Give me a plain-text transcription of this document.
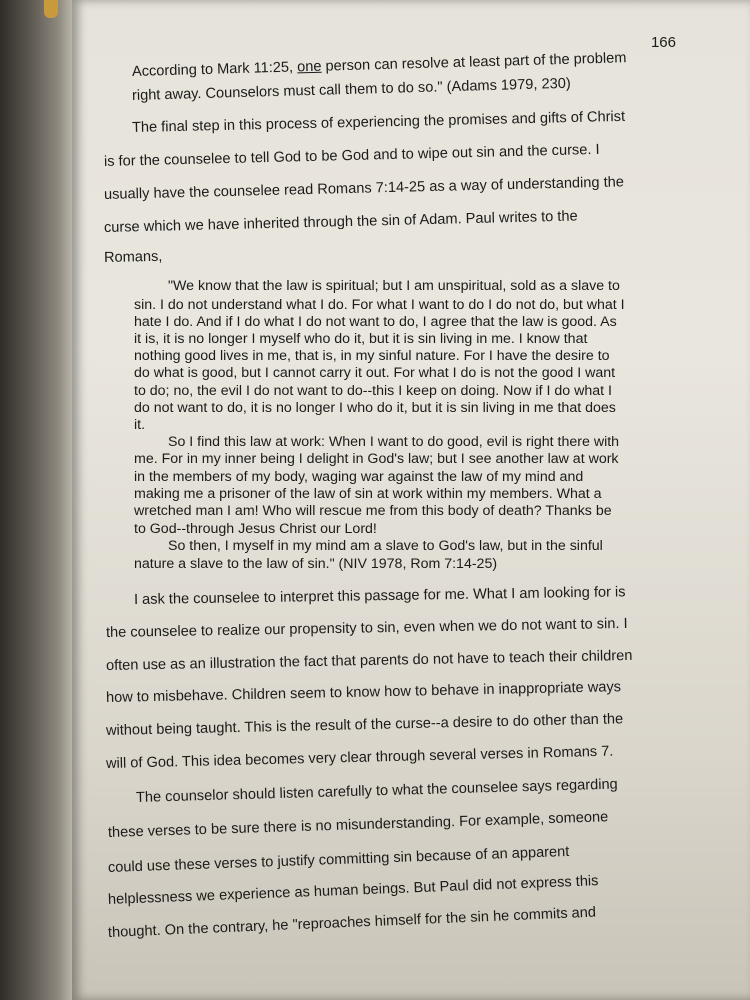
166
According to Mark 11:25, one person can resolve at least part of the problem
right away. Counselors must call them to do so." (Adams 1979, 230)
The final step in this process of experiencing the promises and gifts of Christ
is for the counselee to tell God to be God and to wipe out sin and the curse. I
usually have the counselee read Romans 7:14-25 as a way of understanding the
curse which we have inherited through the sin of Adam. Paul writes to the
Romans,
"We know that the law is spiritual; but I am unspiritual, sold as a slave to
sin. I do not understand what I do. For what I want to do I do not do, but what I
hate I do. And if I do what I do not want to do, I agree that the law is good. As
it is, it is no longer I myself who do it, but it is sin living in me. I know that
nothing good lives in me, that is, in my sinful nature. For I have the desire to
do what is good, but I cannot carry it out. For what I do is not the good I want
to do; no, the evil I do not want to do--this I keep on doing. Now if I do what I
do not want to do, it is no longer I who do it, but it is sin living in me that does
it.
So I find this law at work: When I want to do good, evil is right there with
me. For in my inner being I delight in God's law; but I see another law at work
in the members of my body, waging war against the law of my mind and
making me a prisoner of the law of sin at work within my members. What a
wretched man I am! Who will rescue me from this body of death? Thanks be
to God--through Jesus Christ our Lord!
So then, I myself in my mind am a slave to God's law, but in the sinful
nature a slave to the law of sin." (NIV 1978, Rom 7:14-25)
I ask the counselee to interpret this passage for me. What I am looking for is
the counselee to realize our propensity to sin, even when we do not want to sin. I
often use as an illustration the fact that parents do not have to teach their children
how to misbehave. Children seem to know how to behave in inappropriate ways
without being taught. This is the result of the curse--a desire to do other than the
will of God. This idea becomes very clear through several verses in Romans 7.
The counselor should listen carefully to what the counselee says regarding
these verses to be sure there is no misunderstanding. For example, someone
could use these verses to justify committing sin because of an apparent
helplessness we experience as human beings. But Paul did not express this
thought. On the contrary, he "reproaches himself for the sin he commits and
